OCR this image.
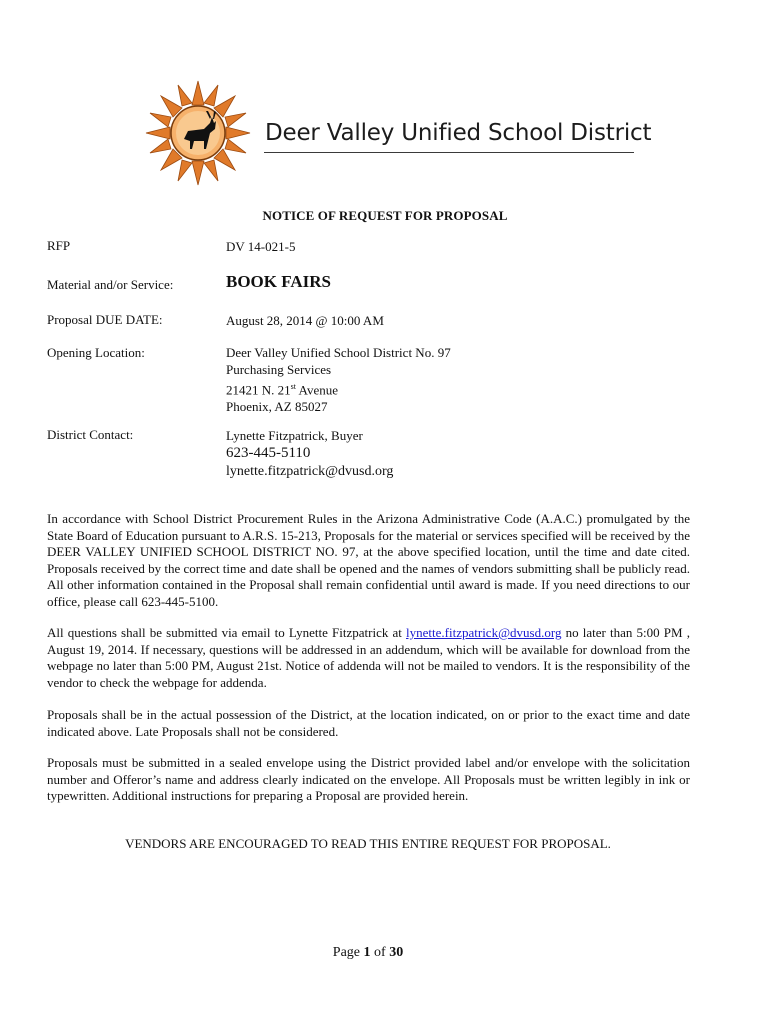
Deer Valley Unified School District
NOTICE OF REQUEST FOR PROPOSAL
RFP	DV 14-021-5
Material and/or Service:	BOOK FAIRS
Proposal DUE DATE:	August 28, 2014 @ 10:00 AM
Opening Location:	Deer Valley Unified School District No. 97
Purchasing Services
21421 N. 21st Avenue
Phoenix, AZ 85027
District Contact:	Lynette Fitzpatrick, Buyer
623-445-5110
lynette.fitzpatrick@dvusd.org
In accordance with School District Procurement Rules in the Arizona Administrative Code (A.A.C.) promulgated by the State Board of Education pursuant to A.R.S. 15-213, Proposals for the material or services specified will be received by the DEER VALLEY UNIFIED SCHOOL DISTRICT NO. 97, at the above specified location, until the time and date cited. Proposals received by the correct time and date shall be opened and the names of vendors submitting shall be publicly read. All other information contained in the Proposal shall remain confidential until award is made. If you need directions to our office, please call 623-445-5100.
All questions shall be submitted via email to Lynette Fitzpatrick at lynette.fitzpatrick@dvusd.org no later than 5:00 PM , August 19, 2014. If necessary, questions will be addressed in an addendum, which will be available for download from the webpage no later than 5:00 PM, August 21st. Notice of addenda will not be mailed to vendors. It is the responsibility of the vendor to check the webpage for addenda.
Proposals shall be in the actual possession of the District, at the location indicated, on or prior to the exact time and date indicated above. Late Proposals shall not be considered.
Proposals must be submitted in a sealed envelope using the District provided label and/or envelope with the solicitation number and Offeror’s name and address clearly indicated on the envelope. All Proposals must be written legibly in ink or typewritten. Additional instructions for preparing a Proposal are provided herein.
VENDORS ARE ENCOURAGED TO READ THIS ENTIRE REQUEST FOR PROPOSAL.
Page 1 of 30
